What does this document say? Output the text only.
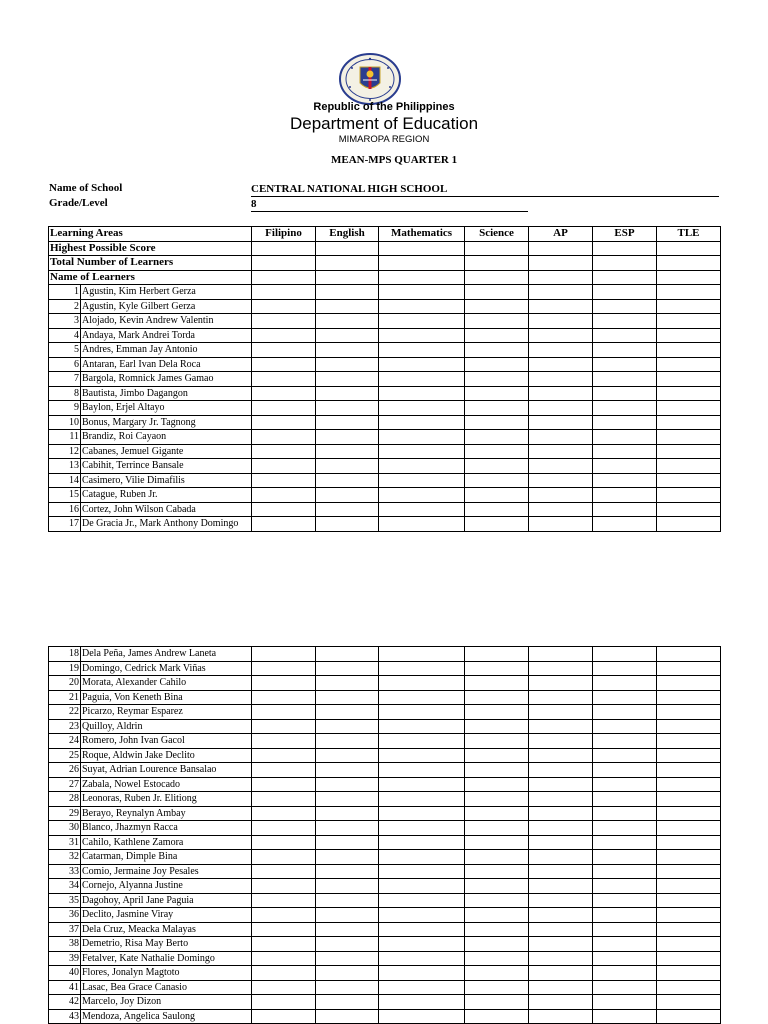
Republic of the Philippines
Department of Education
MIMAROPA REGION
MEAN-MPS QUARTER 1
Name of School	CENTRAL NATIONAL HIGH SCHOOL
Grade/Level	8
Learning Areas		Filipino	English	Mathematics	Science	AP	ESP	TLE
Highest Possible Score								
Total Number of Learners								
Name of Learners								
1	Agustin, Kim Herbert Gerza							
2	Agustin, Kyle Gilbert Gerza							
3	Alojado, Kevin Andrew Valentin							
4	Andaya, Mark Andrei Torda							
5	Andres, Emman Jay Antonio							
6	Antaran, Earl Ivan Dela Roca							
7	Bargola, Romnick James Gamao							
8	Bautista, Jimbo Dagangon							
9	Baylon, Erjel Altayo							
10	Bonus, Margary Jr. Tagnong							
11	Brandiz, Roi Cayaon							
12	Cabanes, Jemuel Gigante							
13	Cabihit, Terrince Bansale							
14	Casimero, Vilie Dimafilis							
15	Catague, Ruben Jr.							
16	Cortez, John Wilson Cabada							
17	De Gracia Jr., Mark Anthony Domingo							
18	Dela Peña, James Andrew Laneta							
19	Domingo, Cedrick Mark Viñas							
20	Morata, Alexander Cahilo							
21	Paguia, Von Keneth Bina							
22	Picarzo, Reymar Esparez							
23	Quilloy, Aldrin							
24	Romero, John Ivan Gacol							
25	Roque, Aldwin Jake Declito							
26	Suyat, Adrian Lourence Bansalao							
27	Zabala, Nowel Estocado							
28	Leonoras, Ruben Jr. Elitiong							
29	Berayo, Reynalyn Ambay							
30	Blanco, Jhazmyn Racca							
31	Cahilo, Kathlene Zamora							
32	Catarman, Dimple Bina							
33	Comio, Jermaine Joy Pesales							
34	Cornejo, Alyanna Justine							
35	Dagohoy, April Jane Paguia							
36	Declito, Jasmine Viray							
37	Dela Cruz, Meacka Malayas							
38	Demetrio, Risa May Berto							
39	Fetalver, Kate Nathalie Domingo							
40	Flores, Jonalyn Magtoto							
41	Lasac, Bea Grace Canasio							
42	Marcelo, Joy Dizon							
43	Mendoza, Angelica Saulong							
